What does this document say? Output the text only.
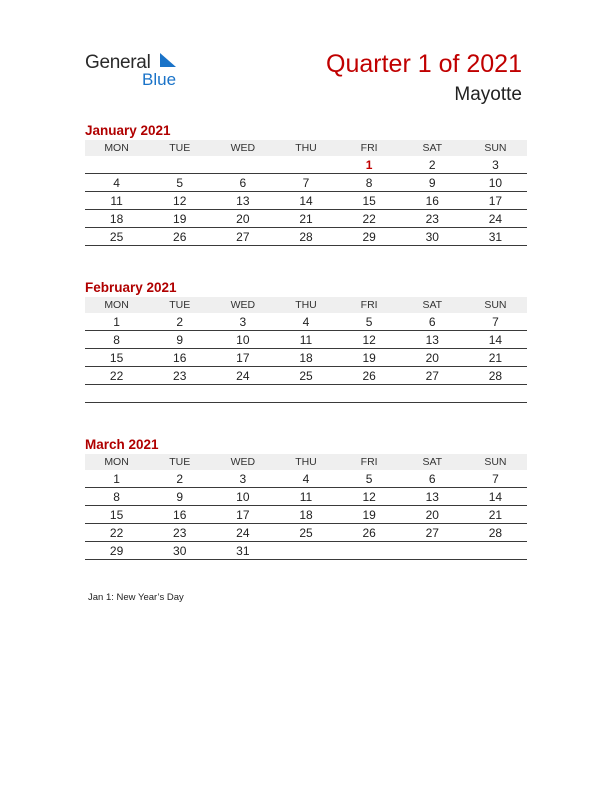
General
Blue
Quarter 1 of 2021
Mayotte
January 2021
MON	TUE	WED	THU	FRI	SAT	SUN
				1	2	3
4	5	6	7	8	9	10
11	12	13	14	15	16	17
18	19	20	21	22	23	24
25	26	27	28	29	30	31
February 2021
MON	TUE	WED	THU	FRI	SAT	SUN
1	2	3	4	5	6	7
8	9	10	11	12	13	14
15	16	17	18	19	20	21
22	23	24	25	26	27	28

March 2021
MON	TUE	WED	THU	FRI	SAT	SUN
1	2	3	4	5	6	7
8	9	10	11	12	13	14
15	16	17	18	19	20	21
22	23	24	25	26	27	28
29	30	31				
Jan 1: New Year’s Day
